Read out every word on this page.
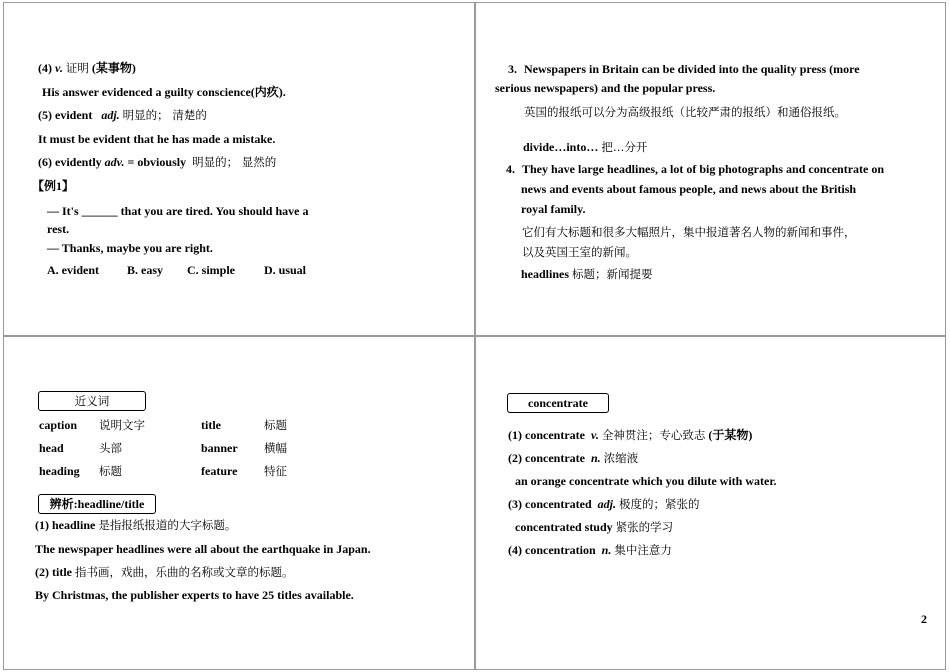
(4) v. 证明 (某事物)
His answer evidenced a guilty conscience(内疚).
(5) evident adj. 明显的； 清楚的
It must be evident that he has made a mistake.
(6) evidently adv. = obviously 明显的； 显然的
【例1】
— It's ______ that you are tired. You should have a
rest.
— Thanks, maybe you are right.
A. evident B. easy C. simple D. usual
3. Newspapers in Britain can be divided into the quality press (more
serious newspapers) and the popular press.
英国的报纸可以分为高级报纸（比较严肃的报纸）和通俗报纸。
divide…into… 把…分开
4. They have large headlines, a lot of big photographs and concentrate on
news and events about famous people, and news about the British
royal family.
它们有大标题和很多大幅照片，集中报道著名人物的新闻和事件，
以及英国王室的新闻。
headlines 标题；新闻提要
近义词
caption 说明文字	title	标题
head	头部	banner 横幅
heading 标题	feature 特征
辨析:headline/title
(1) headline 是指报纸报道的大字标题。
The newspaper headlines were all about the earthquake in Japan.
(2) title 指书画，戏曲，乐曲的名称或文章的标题。
By Christmas, the publisher experts to have 25 titles available.
concentrate
(1) concentrate v. 全神贯注；专心致志 (于某物)
(2) concentrate n. 浓缩液
an orange concentrate which you dilute with water.
(3) concentrated adj. 极度的；紧张的
concentrated study 紧张的学习
(4) concentration n. 集中注意力
2
